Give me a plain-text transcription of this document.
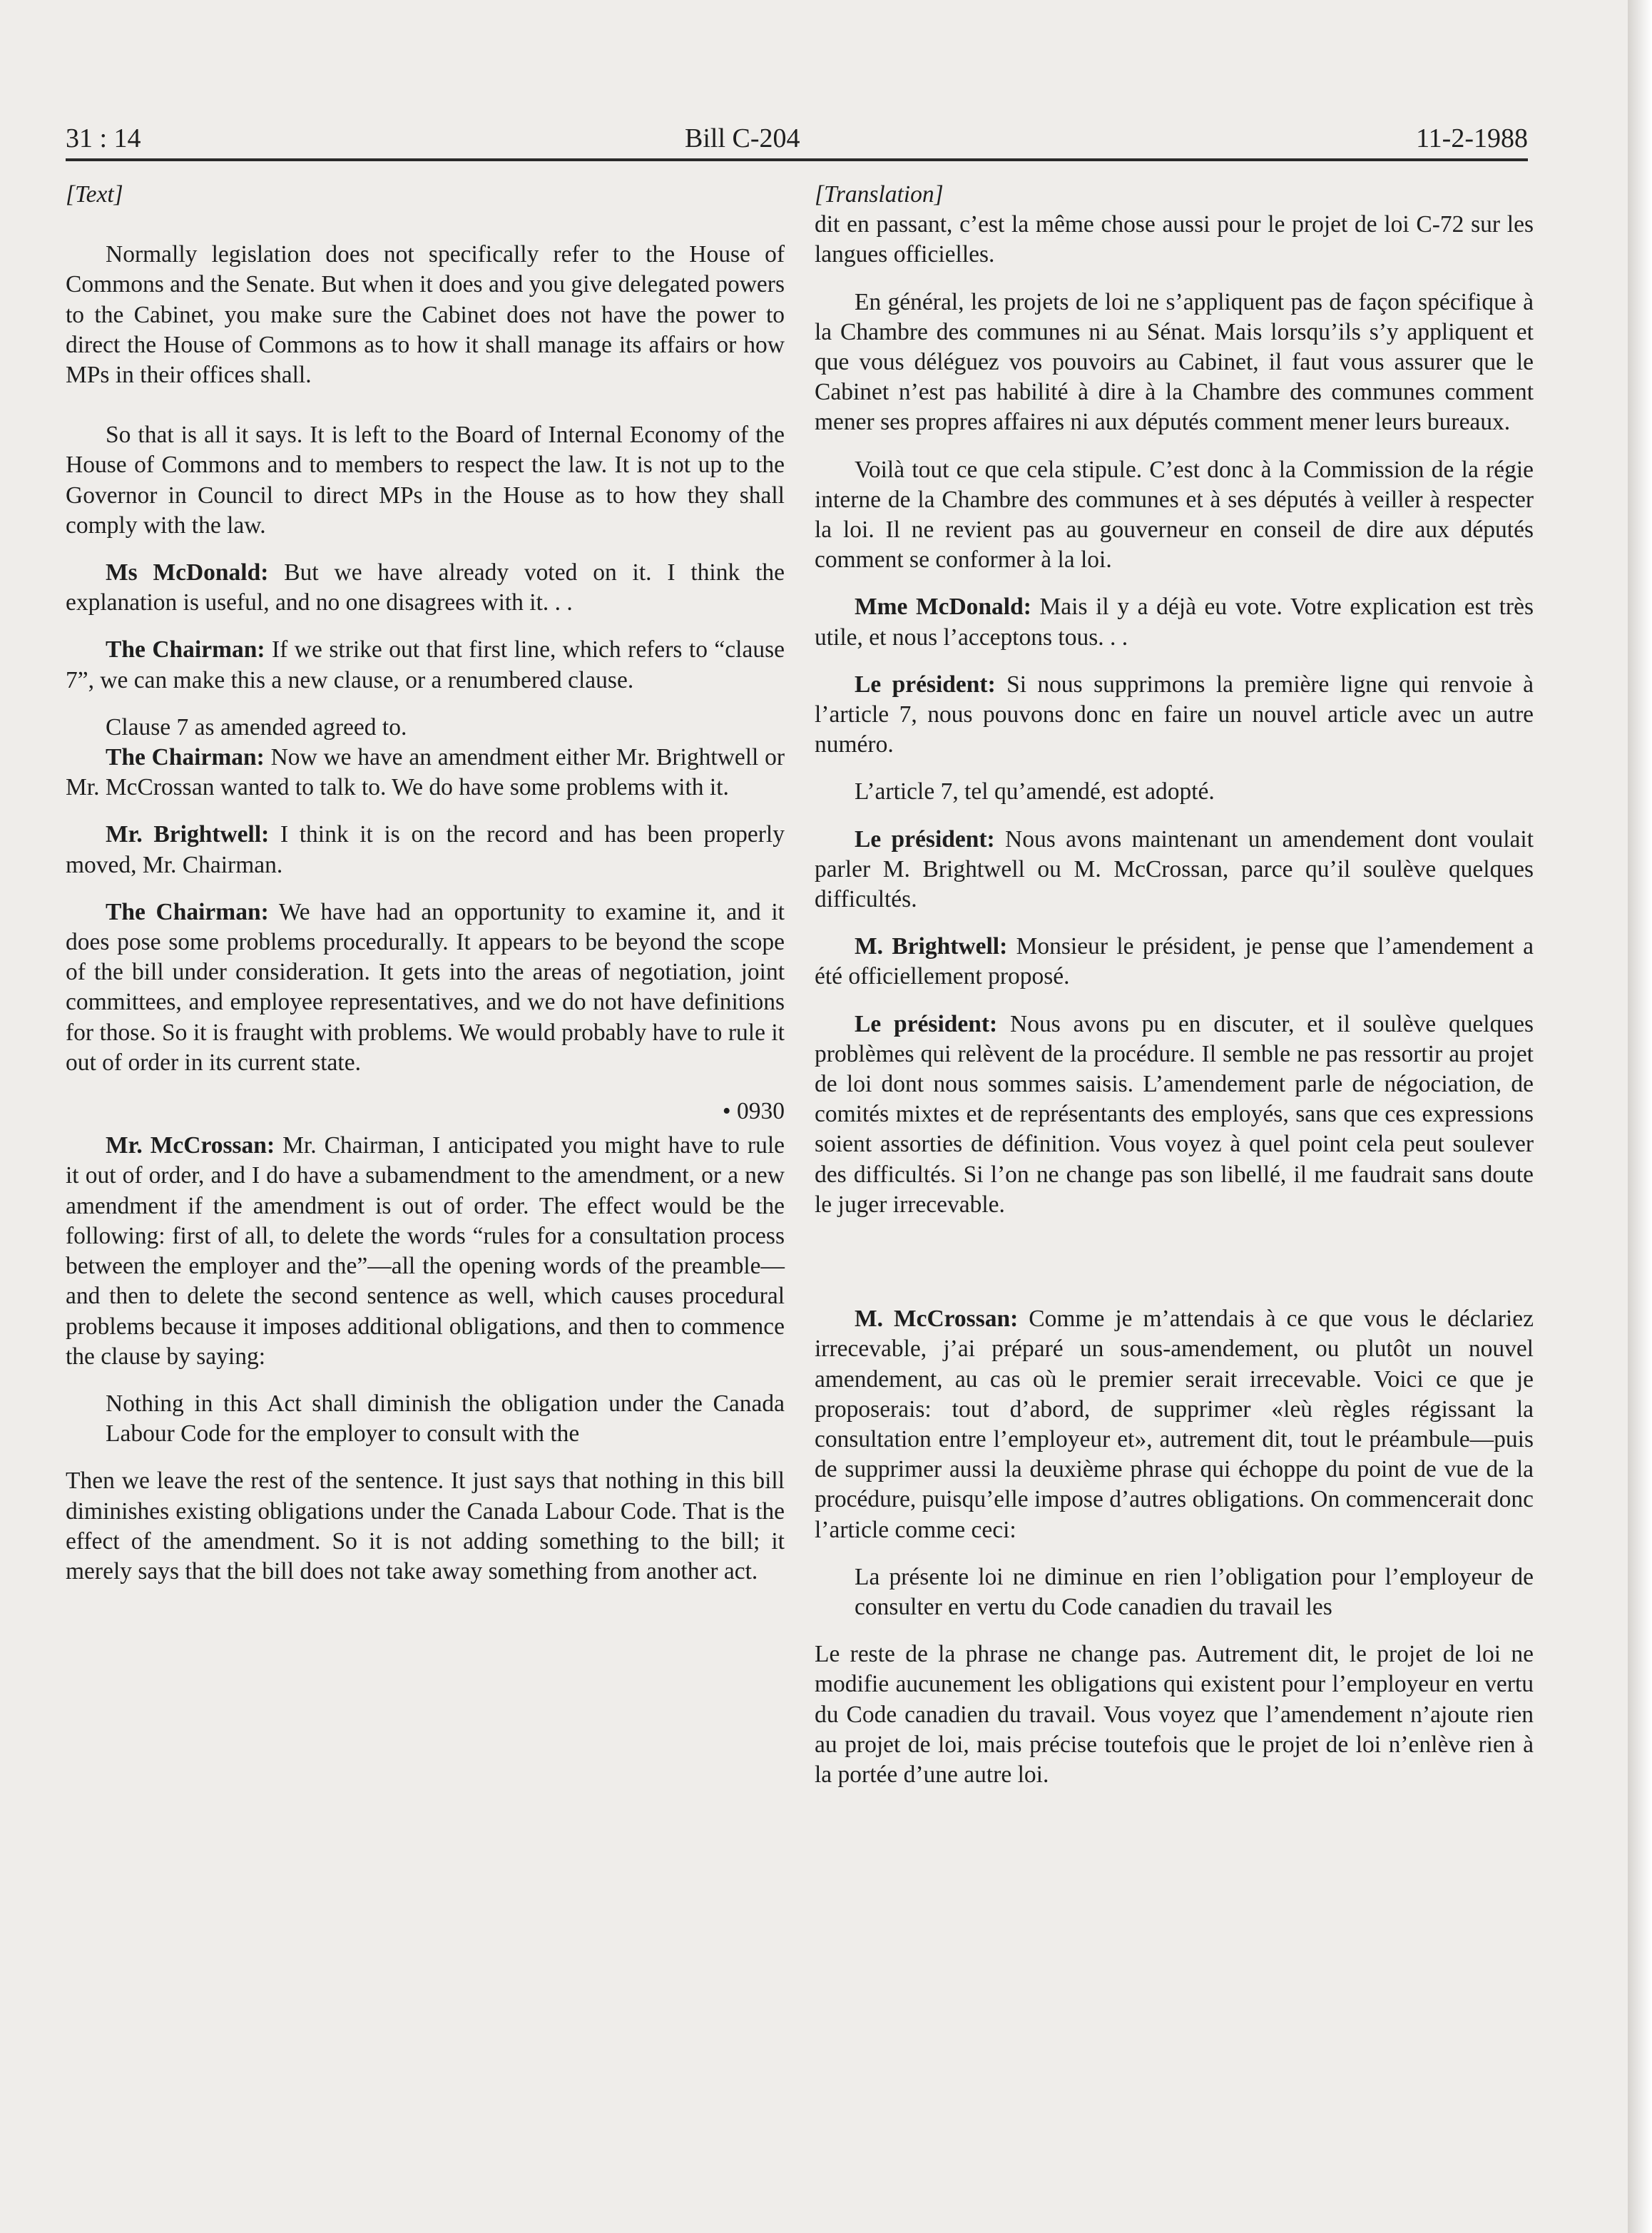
31 : 14	Bill C-204	11-2-1988

[Text]

Normally legislation does not specifically refer to the House of Commons and the Senate. But when it does and you give delegated powers to the Cabinet, you make sure the Cabinet does not have the power to direct the House of Commons as to how it shall manage its affairs or how MPs in their offices shall.

So that is all it says. It is left to the Board of Internal Economy of the House of Commons and to members to respect the law. It is not up to the Governor in Council to direct MPs in the House as to how they shall comply with the law.

Ms McDonald: But we have already voted on it. I think the explanation is useful, and no one disagrees with it. . .

The Chairman: If we strike out that first line, which refers to “clause 7”, we can make this a new clause, or a renumbered clause.

Clause 7 as amended agreed to.

The Chairman: Now we have an amendment either Mr. Brightwell or Mr. McCrossan wanted to talk to. We do have some problems with it.

Mr. Brightwell: I think it is on the record and has been properly moved, Mr. Chairman.

The Chairman: We have had an opportunity to examine it, and it does pose some problems procedurally. It appears to be beyond the scope of the bill under consideration. It gets into the areas of negotiation, joint committees, and employee representatives, and we do not have definitions for those. So it is fraught with problems. We would probably have to rule it out of order in its current state.

• 0930

Mr. McCrossan: Mr. Chairman, I anticipated you might have to rule it out of order, and I do have a subamendment to the amendment, or a new amendment if the amendment is out of order. The effect would be the following: first of all, to delete the words “rules for a consultation process between the employer and the”—all the opening words of the preamble—and then to delete the second sentence as well, which causes procedural problems because it imposes additional obligations, and then to commence the clause by saying:

Nothing in this Act shall diminish the obligation under the Canada Labour Code for the employer to consult with the

Then we leave the rest of the sentence. It just says that nothing in this bill diminishes existing obligations under the Canada Labour Code. That is the effect of the amendment. So it is not adding something to the bill; it merely says that the bill does not take away something from another act.

[Translation]

dit en passant, c’est la même chose aussi pour le projet de loi C-72 sur les langues officielles.

En général, les projets de loi ne s’appliquent pas de façon spécifique à la Chambre des communes ni au Sénat. Mais lorsqu’ils s’y appliquent et que vous déléguez vos pouvoirs au Cabinet, il faut vous assurer que le Cabinet n’est pas habilité à dire à la Chambre des communes comment mener ses propres affaires ni aux députés comment mener leurs bureaux.

Voilà tout ce que cela stipule. C’est donc à la Commission de la régie interne de la Chambre des communes et à ses députés à veiller à respecter la loi. Il ne revient pas au gouverneur en conseil de dire aux députés comment se conformer à la loi.

Mme McDonald: Mais il y a déjà eu vote. Votre explication est très utile, et nous l’acceptons tous. . .

Le président: Si nous supprimons la première ligne qui renvoie à l’article 7, nous pouvons donc en faire un nouvel article avec un autre numéro.

L’article 7, tel qu’amendé, est adopté.

Le président: Nous avons maintenant un amendement dont voulait parler M. Brightwell ou M. McCrossan, parce qu’il soulève quelques difficultés.

M. Brightwell: Monsieur le président, je pense que l’amendement a été officiellement proposé.

Le président: Nous avons pu en discuter, et il soulève quelques problèmes qui relèvent de la procédure. Il semble ne pas ressortir au projet de loi dont nous sommes saisis. L’amendement parle de négociation, de comités mixtes et de représentants des employés, sans que ces expressions soient assorties de définition. Vous voyez à quel point cela peut soulever des difficultés. Si l’on ne change pas son libellé, il me faudrait sans doute le juger irrecevable.

M. McCrossan: Comme je m’attendais à ce que vous le déclariez irrecevable, j’ai préparé un sous-amendement, ou plutôt un nouvel amendement, au cas où le premier serait irrecevable. Voici ce que je proposerais: tout d’abord, de supprimer «leù règles régissant la consultation entre l’employeur et», autrement dit, tout le préambule—puis de supprimer aussi la deuxième phrase qui échoppe du point de vue de la procédure, puisqu’elle impose d’autres obligations. On commencerait donc l’article comme ceci:

La présente loi ne diminue en rien l’obligation pour l’employeur de consulter en vertu du Code canadien du travail les

Le reste de la phrase ne change pas. Autrement dit, le projet de loi ne modifie aucunement les obligations qui existent pour l’employeur en vertu du Code canadien du travail. Vous voyez que l’amendement n’ajoute rien au projet de loi, mais précise toutefois que le projet de loi n’enlève rien à la portée d’une autre loi.
